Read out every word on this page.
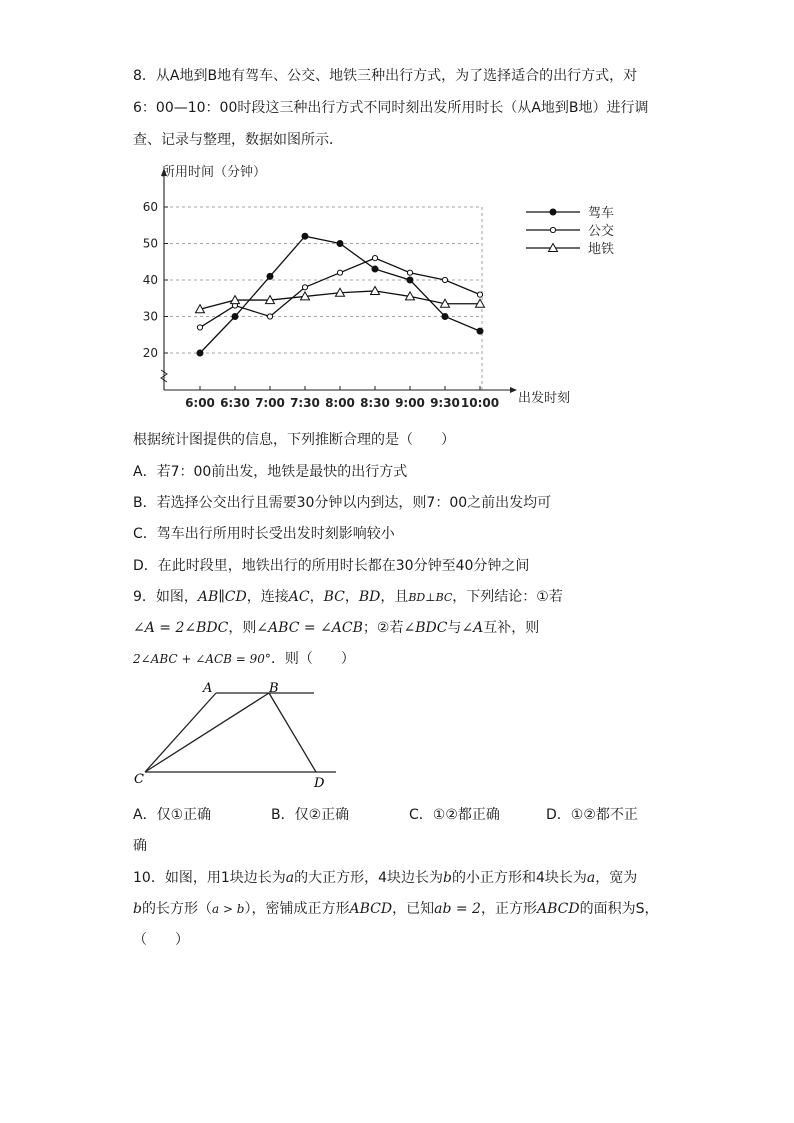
8．从A地到B地有驾车、公交、地铁三种出行方式，为了选择适合的出行方式，对
6：00—10：00时段这三种出行方式不同时刻出发所用时长（从A地到B地）进行调
查、记录与整理，数据如图所示．
20
30
40
50
60
6:00 6:30 7:00 7:30 8:00 8:30 9:00 9:30 10:00
所用时间（分钟）
出发时刻
驾车
公交
地铁
根据统计图提供的信息，下列推断合理的是（　　）
A．若7：00前出发，地铁是最快的出行方式
B．若选择公交出行且需要30分钟以内到达，则7：00之前出发均可
C．驾车出行所用时长受出发时刻影响较小
D．在此时段里，地铁出行的所用时长都在30分钟至40分钟之间
9．如图，AB∥CD，连接AC，BC，BD，且BD⊥BC，下列结论：①若
∠A = 2∠BDC，则∠ABC = ∠ACB；②若∠BDC与∠A互补，则
2∠ABC + ∠ACB = 90°．则（　　）
A	B
C	D
A．仅①正确	B．仅②正确	C．①②都正确	D．①②都不正
确
10．如图，用1块边长为a的大正方形，4块边长为b的小正方形和4块长为a，宽为
b的长方形（a > b），密铺成正方形ABCD，已知ab = 2，正方形ABCD的面积为S，
（　　）
